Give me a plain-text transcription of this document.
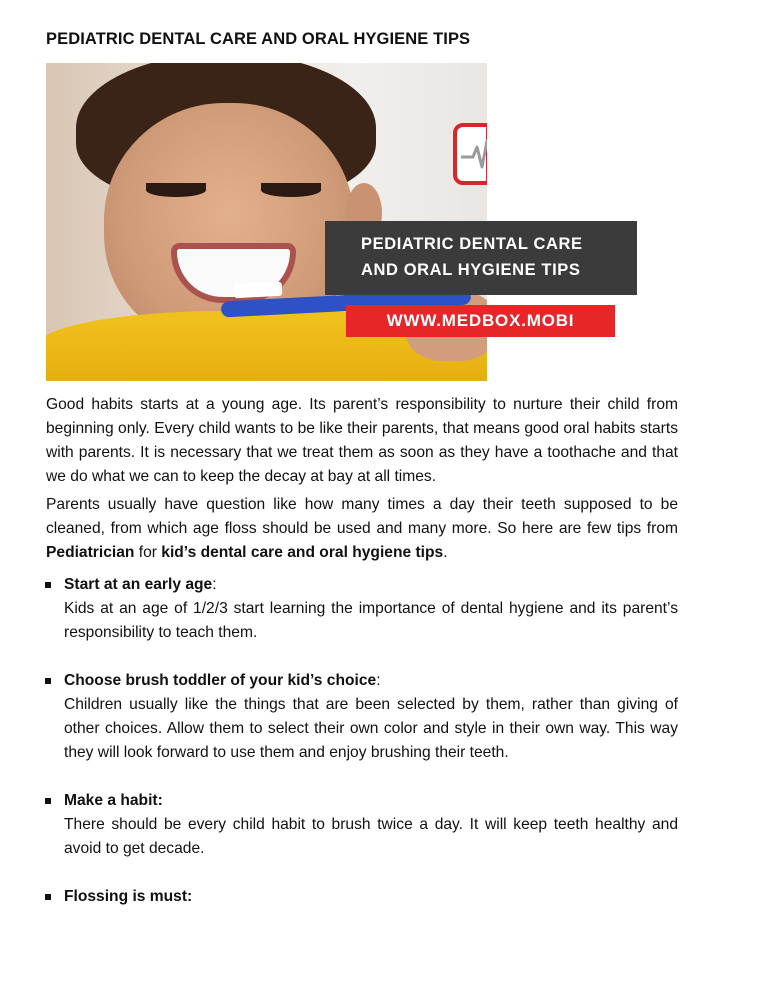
PEDIATRIC DENTAL CARE AND ORAL HYGIENE TIPS
PEDIATRIC DENTAL CARE
AND ORAL HYGIENE TIPS
WWW.MEDBOX.MOBI
Good habits starts at a young age. Its parent’s responsibility to nurture their child from beginning only. Every child wants to be like their parents, that means good oral habits starts with parents. It is necessary that we treat them as soon as they have a toothache and that we do what we can to keep the decay at bay at all times.
Parents usually have question like how many times a day their teeth supposed to be cleaned, from which age floss should be used and many more. So here are few tips from Pediatrician for kid’s dental care and oral hygiene tips.
Start at an early age:
Kids at an age of 1/2/3 start learning the importance of dental hygiene and its parent’s responsibility to teach them.
Choose brush toddler of your kid’s choice:
Children usually like the things that are been selected by them, rather than giving of other choices. Allow them to select their own color and style in their own way. This way they will look forward to use them and enjoy brushing their teeth.
Make a habit:
There should be every child habit to brush twice a day. It will keep teeth healthy and avoid to get decade.
Flossing is must:
